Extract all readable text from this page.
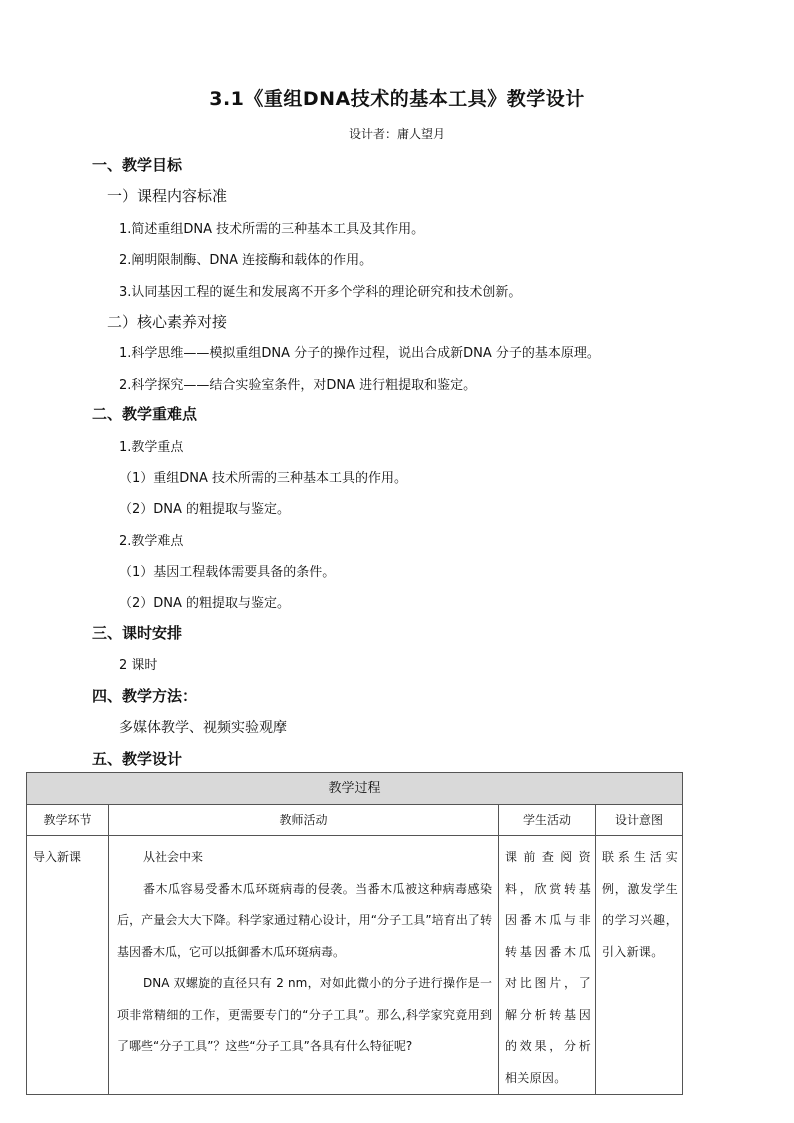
3.1《重组DNA技术的基本工具》教学设计
设计者：庸人望月
一、教学目标
一）课程内容标准
1.简述重组DNA 技术所需的三种基本工具及其作用。
2.阐明限制酶、DNA 连接酶和载体的作用。
3.认同基因工程的诞生和发展离不开多个学科的理论研究和技术创新。
二）核心素养对接
1.科学思维——模拟重组DNA 分子的操作过程，说出合成新DNA 分子的基本原理。
2.科学探究——结合实验室条件，对DNA 进行粗提取和鉴定。
二、教学重难点
1.教学重点
（1）重组DNA 技术所需的三种基本工具的作用。
（2）DNA 的粗提取与鉴定。
2.教学难点
（1）基因工程载体需要具备的条件。
（2）DNA 的粗提取与鉴定。
三、课时安排
2 课时
四、教学方法：
多媒体教学、视频实验观摩
五、教学设计
教学过程			
教学环节	教师活动	学生活动	设计意图
导入新课	从社会中来

番木瓜容易受番木瓜环斑病毒的侵袭。当番木瓜被这种病毒感染后，产量会大大下降。科学家通过精心设计，用“分子工具”培育出了转基因番木瓜，它可以抵御番木瓜环斑病毒。

DNA 双螺旋的直径只有 2 nm，对如此微小的分子进行操作是一项非常精细的工作，更需要专门的“分子工具”。那么,科学家究竟用到了哪些“分子工具”？这些“分子工具”各具有什么特征呢?	课前查阅资料，欣赏转基因番木瓜与非转基因番木瓜对比图片，了解分析转基因的效果，分析相关原因。	联系生活实例，激发学生的学习兴趣，引入新课。
